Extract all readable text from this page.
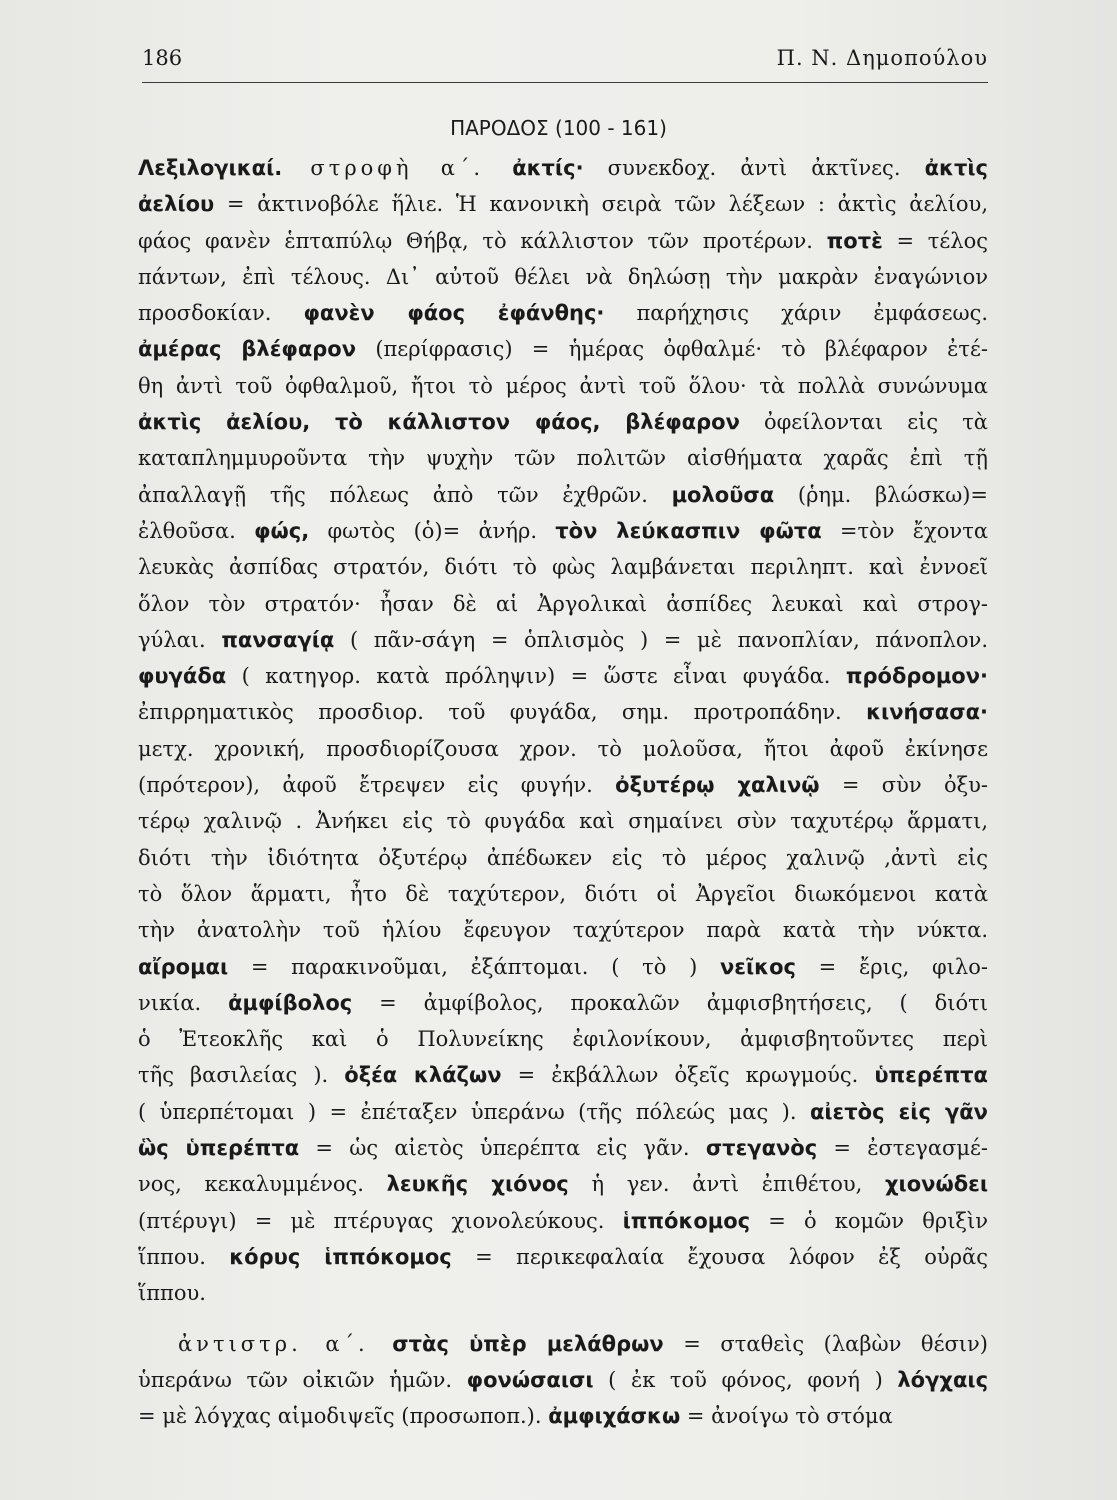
186	Π. Ν. Δημοπούλου
ΠΑΡΟΔΟΣ (100 - 161)
Λεξιλογικαί. στροφὴ α΄. ἀκτίς· συνεκδοχ. ἀντὶ ἀκτῖνες. ἀκτὶς
ἀελίου = ἀκτινοβόλε ἥλιε. Ἡ κανονικὴ σειρὰ τῶν λέξεων : ἀκτὶς ἀελίου,
φάος φανὲν ἑπταπύλῳ Θήβᾳ, τὸ κάλλιστον τῶν προτέρων. ποτὲ = τέλος
πάντων, ἐπὶ τέλους. Δι᾽ αὐτοῦ θέλει νὰ δηλώσῃ τὴν μακρὰν ἐναγώνιον
προσδοκίαν. φανὲν φάος ἐφάνθης· παρήχησις χάριν ἐμφάσεως.
ἀμέρας βλέφαρον (περίφρασις) = ἡμέρας ὀφθαλμέ· τὸ βλέφαρον ἐτέ-
θη ἀντὶ τοῦ ὀφθαλμοῦ, ἤτοι τὸ μέρος ἀντὶ τοῦ ὅλου· τὰ πολλὰ συνώνυμα
ἀκτὶς ἀελίου, τὸ κάλλιστον φάος, βλέφαρον ὀφείλονται εἰς τὰ
καταπλημμυροῦντα τὴν ψυχὴν τῶν πολιτῶν αἰσθήματα χαρᾶς ἐπὶ τῇ
ἀπαλλαγῇ τῆς πόλεως ἀπὸ τῶν ἐχθρῶν. μολοῦσα (ῥημ. βλώσκω)=
ἐλθοῦσα. φώς, φωτὸς (ὁ)= ἀνήρ. τὸν λεύκασπιν φῶτα =τὸν ἔχοντα
λευκὰς ἀσπίδας στρατόν, διότι τὸ φὼς λαμβάνεται περιληπτ. καὶ ἐννοεῖ
ὅλον τὸν στρατόν· ἦσαν δὲ αἱ Ἀργολικαὶ ἀσπίδες λευκαὶ καὶ στρογ-
γύλαι. πανσαγίᾳ ( πᾶν-σάγη = ὁπλισμὸς ) = μὲ πανοπλίαν, πάνοπλον.
φυγάδα ( κατηγορ. κατὰ πρόληψιν) = ὥστε εἶναι φυγάδα. πρόδρομον·
ἐπιρρηματικὸς προσδιορ. τοῦ φυγάδα, σημ. προτροπάδην. κινήσασα·
μετχ. χρονική, προσδιορίζουσα χρον. τὸ μολοῦσα, ἤτοι ἀφοῦ ἐκίνησε
(πρότερον), ἀφοῦ ἔτρεψεν εἰς φυγήν. ὀξυτέρῳ χαλινῷ = σὺν ὀξυ-
τέρῳ χαλινῷ . Ἀνήκει εἰς τὸ φυγάδα καὶ σημαίνει σὺν ταχυτέρῳ ἅρματι,
διότι τὴν ἰδιότητα ὀξυτέρῳ ἀπέδωκεν εἰς τὸ μέρος χαλινῷ ,ἀντὶ εἰς
τὸ ὅλον ἅρματι, ἦτο δὲ ταχύτερον, διότι οἱ Ἀργεῖοι διωκόμενοι κατὰ
τὴν ἀνατολὴν τοῦ ἡλίου ἔφευγον ταχύτερον παρὰ κατὰ τὴν νύκτα.
αἴρομαι = παρακινοῦμαι, ἐξάπτομαι. ( τὸ ) νεῖκος = ἔρις, φιλο-
νικία. ἀμφίβολος = ἀμφίβολος, προκαλῶν ἀμφισβητήσεις, ( διότι
ὁ Ἐτεοκλῆς καὶ ὁ Πολυνείκης ἐφιλονίκουν, ἀμφισβητοῦντες περὶ
τῆς βασιλείας ). ὀξέα κλάζων = ἐκβάλλων ὀξεῖς κρωγμούς. ὑπερέπτα
( ὑπερπέτομαι ) = ἐπέταξεν ὑπεράνω (τῆς πόλεώς μας ). αἰετὸς εἰς γᾶν
ὣς ὑπερέπτα = ὡς αἰετὸς ὑπερέπτα εἰς γᾶν. στεγανὸς = ἐστεγασμέ-
νος, κεκαλυμμένος. λευκῆς χιόνος ἡ γεν. ἀντὶ ἐπιθέτου, χιονώδει
(πτέρυγι) = μὲ πτέρυγας χιονολεύκους. ἱππόκομος = ὁ κομῶν θριξὶν
ἵππου. κόρυς ἱππόκομος = περικεφαλαία ἔχουσα λόφον ἐξ οὐρᾶς
ἵππου.
ἀντιστρ. α΄. στὰς ὑπὲρ μελάθρων = σταθεὶς (λαβὼν θέσιν)
ὑπεράνω τῶν οἰκιῶν ἡμῶν. φονώσαισι ( ἐκ τοῦ φόνος, φονή ) λόγχαις
= μὲ λόγχας αἱμοδιψεῖς (προσωποπ.). ἀμφιχάσκω = ἀνοίγω τὸ στόμα
